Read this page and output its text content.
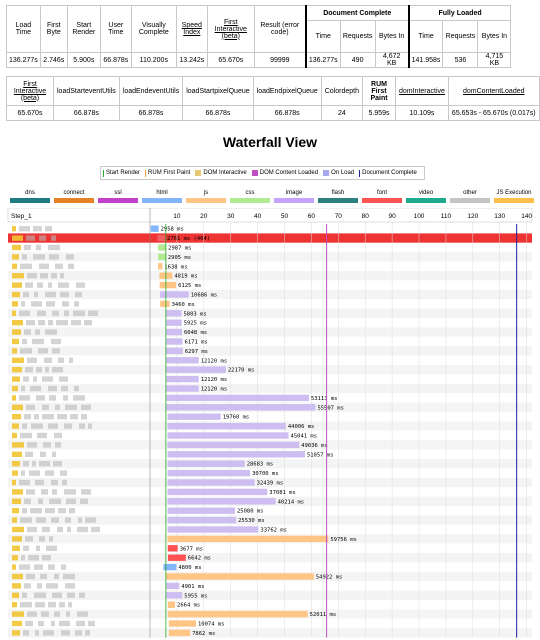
Load Time	First Byte	Start Render	User Time	Visually Complete	Speed Index	First Interactive (beta)	Result (error code)	Document Complete			Fully Loaded		
								Time	Requests	Bytes In	Time	Requests	Bytes In
136.277s	2.746s	5.900s	66.878s	110.200s	13.242s	65.670s	99999	136.277s	490	4,672 KB	141.958s	536	4,715 KB
First Interactive (beta)	loadStarteventUtils	loadEndeventUtils	loadStartpixelQueue	loadEndpixelQueue	Colordepth	RUM First Paint	domInteractive	domContentLoaded
65.670s	66.878s	66.878s	66.878s	66.878s	24	5.959s	10.109s	65.653s - 65.670s (0.017s)
Waterfall View
Start Render RUM First Paint DOM Interactive DOM Content Loaded On Load Document Complete
dns	connect	ssl	html	js	css	image	flash	font	video	other	JS Execution
Step_1	10	20	30	40	50	60	70	80	90	100	110	120 130 140
2958 ms
2761 ms (404)
2987 ms
2905 ms
1638 ms
4819 ms
6125 ms
10686 ms
3460 ms
5803 ms
5925 ms
6048 ms
6171 ms
6297 ms
12120 ms
22170 ms
12120 ms
12120 ms
53113 ms
55507 ms
19760 ms
44006 ms
45041 ms
49036 ms
51057 ms
28683 ms
30700 ms
32439 ms
37081 ms
40214 ms
25080 ms
25530 ms
33762 ms
59756 ms
3677 ms
6642 ms
4800 ms
54922 ms
4901 ms
5955 ms
2664 ms
52011 ms
10074 ms
7862 ms
